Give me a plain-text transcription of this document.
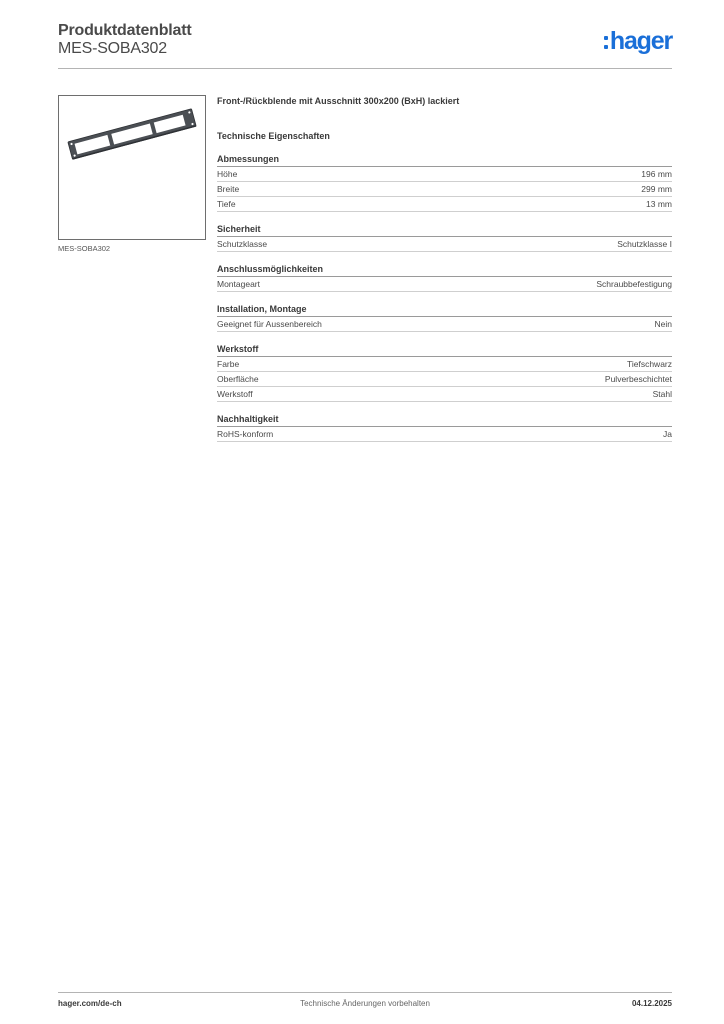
Produktdatenblatt
MES-SOBA302	hager
MES-SOBA302

Front-/Rückblende mit Ausschnitt 300x200 (BxH) lackiert

Technische Eigenschaften
Abmessungen
Höhe	196 mm
Breite	299 mm
Tiefe	13 mm
Sicherheit
Schutzklasse	Schutzklasse I
Anschlussmöglichkeiten
Montageart	Schraubbefestigung
Installation, Montage
Geeignet für Aussenbereich	Nein
Werkstoff
Farbe	Tiefschwarz
Oberfläche	Pulverbeschichtet
Werkstoff	Stahl
Nachhaltigkeit
RoHS-konform	Ja
hager.com/de-ch	Technische Änderungen vorbehalten	04.12.2025
